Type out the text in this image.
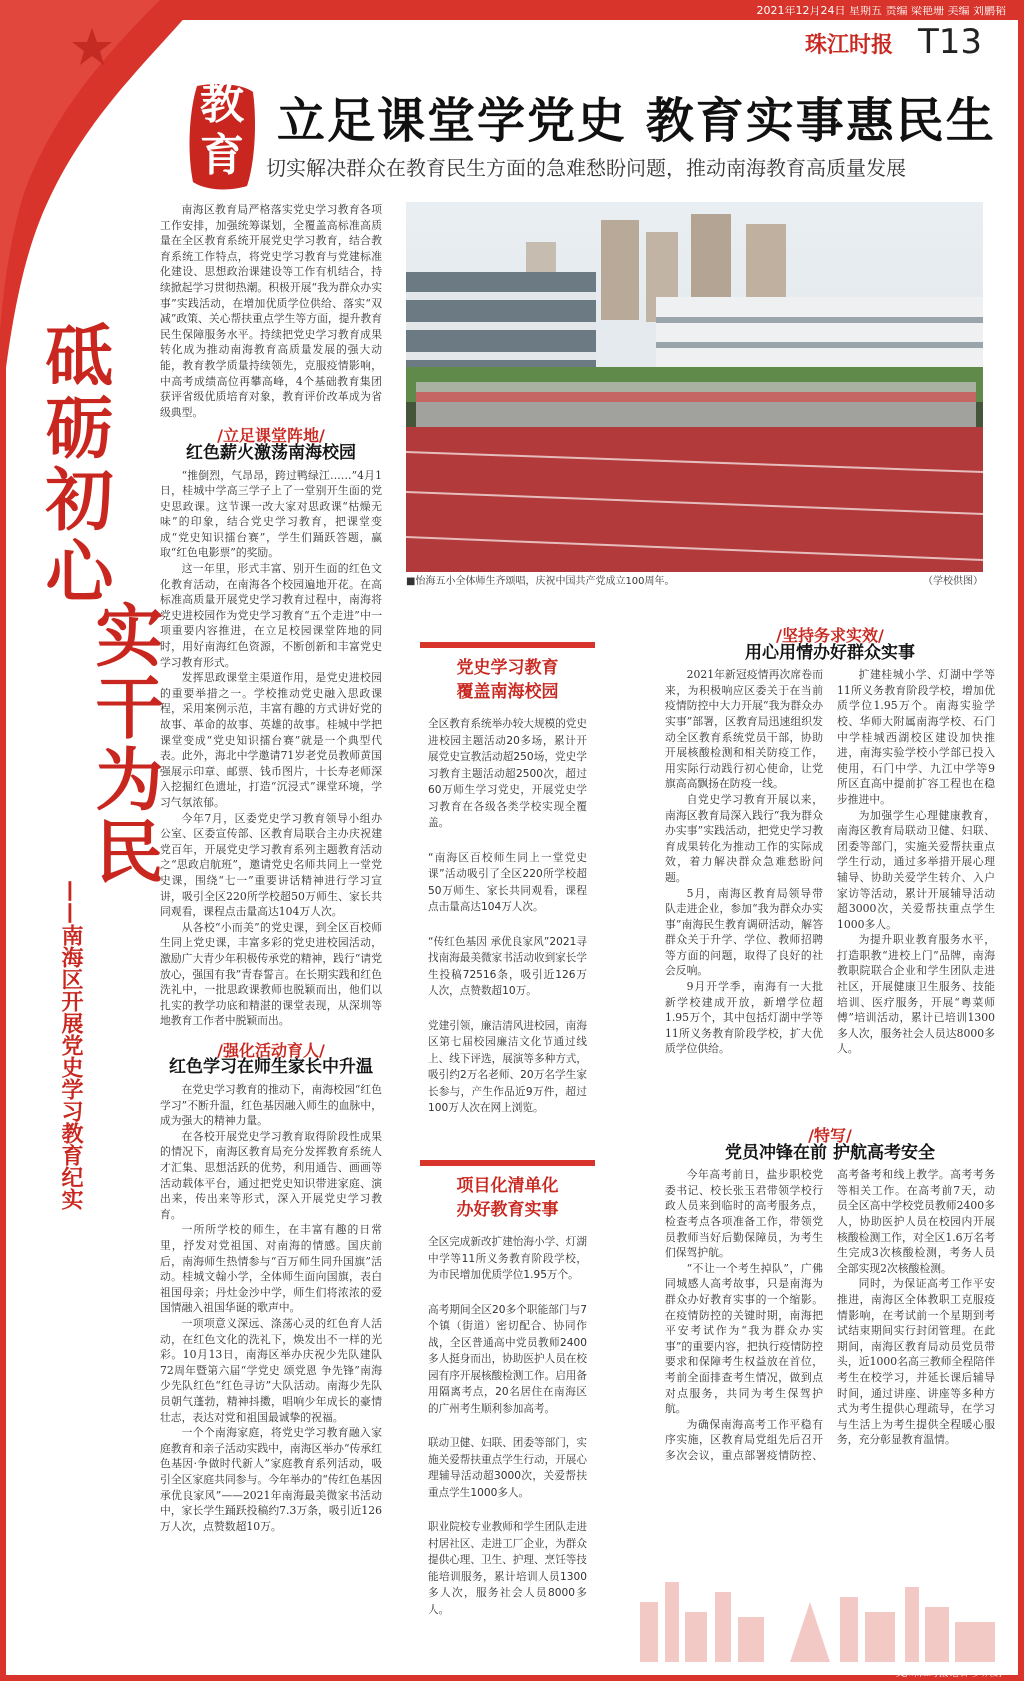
2021年12月24日 星期五 责编 梁艳珊 美编 刘鹏韬
珠江时报 T13
教育
立足课堂学党史 教育实事惠民生
切实解决群众在教育民生方面的急难愁盼问题，推动南海教育高质量发展
砥砺初心
实干为民
——南海区开展党史学习教育纪实

南海区教育局严格落实党史学习教育各项工作安排，加强统筹谋划，全覆盖高标准高质量在全区教育系统开展党史学习教育，结合教育系统工作特点，将党史学习教育与党建标准化建设、思想政治课建设等工作有机结合，持续掀起学习贯彻热潮。积极开展“我为群众办实事”实践活动，在增加优质学位供给、落实“双减”政策、关心帮扶重点学生等方面，提升教育民生保障服务水平。持续把党史学习教育成果转化成为推动南海教育高质量发展的强大动能，教育教学质量持续领先，克服疫情影响，中高考成绩高位再攀高峰，4个基础教育集团获评省级优质培育对象，教育评价改革成为省级典型。

/立足课堂阵地/
红色薪火激荡南海校园

“推倒烈，气昂昂，跨过鸭绿江……”4月1日，桂城中学高三学子上了一堂别开生面的党史思政课。这节课一改大家对思政课“枯燥无味”的印象，结合党史学习教育，把课堂变成“党史知识擂台赛”，学生们踊跃答题，赢取“红色电影票”的奖励。

这一年里，形式丰富、别开生面的红色文化教育活动，在南海各个校园遍地开花。在高标准高质量开展党史学习教育过程中，南海将党史进校园作为党史学习教育“五个走进”中一项重要内容推进，在立足校园课堂阵地的同时，用好南海红色资源，不断创新和丰富党史学习教育形式。

发挥思政课堂主渠道作用，是党史进校园的重要举措之一。学校推动党史融入思政课程，采用案例示范，丰富有趣的方式讲好党的故事、革命的故事、英雄的故事。桂城中学把课堂变成“党史知识擂台赛”就是一个典型代表。此外，海北中学邀请71岁老党员教师黄国强展示印章、邮票、钱币图片，十长寿老师深入挖掘红色遗址，打造“沉浸式”课堂环境，学习气氛浓郁。

今年7月，区委党史学习教育领导小组办公室、区委宣传部、区教育局联合主办庆祝建党百年，开展党史学习教育系列主题教育活动之“思政启航班”，邀请党史名师共同上一堂党史课，围绕“七一”重要讲话精神进行学习宣讲，吸引全区220所学校超50万师生、家长共同观看，课程点击量高达104万人次。

从各校“小而美”的党史课，到全区百校师生同上党史课，丰富多彩的党史进校园活动，激励广大青少年积极传承党的精神，践行“请党放心，强国有我”青春誓言。在长期实践和红色洗礼中，一批思政课教师也脱颖而出，他们以扎实的教学功底和精湛的课堂表现，从深圳等地教育工作者中脱颖而出。

/强化活动育人/
红色学习在师生家长中升温

在党史学习教育的推动下，南海校园“红色学习”不断升温，红色基因融入师生的血脉中，成为强大的精神力量。

在各校开展党史学习教育取得阶段性成果的情况下，南海区教育局充分发挥教育系统人才汇集、思想活跃的优势，利用通告、画画等活动载体平台，通过把党史知识带进家庭、演出来，传出来等形式，深入开展党史学习教育。

一所所学校的师生，在丰富有趣的日常里，抒发对党祖国、对南海的情感。国庆前后，南海师生热情参与“百万师生同升国旗”活动。桂城文翰小学，全体师生面向国旗，表白祖国母亲；丹灶金沙中学，师生们将浓浓的爱国情融入祖国华诞的歌声中。

一项项意义深远、涤荡心灵的红色育人活动，在红色文化的洗礼下，焕发出不一样的光彩。10月13日，南海区举办庆祝少先队建队72周年暨第六届“学党史 颂党恩 争先锋”南海少先队红色“红色寻访”大队活动。南海少先队员朝气蓬勃，精神抖擞，唱响少年成长的豪情壮志，表达对党和祖国最诚挚的祝福。

一个个南海家庭，将党史学习教育融入家庭教育和亲子活动实践中，南海区举办“传承红色基因·争做时代新人”家庭教育系列活动，吸引全区家庭共同参与。今年举办的“传红色基因 承优良家风”——2021年南海最美微家书活动中，家长学生踊跃投稿约7.3万条，吸引近126万人次，点赞数超10万。

■怡海五小全体师生齐颂唱，庆祝中国共产党成立100周年。	（学校供图）
党史学习教育
覆盖南海校园

全区教育系统举办较大规模的党史进校园主题活动20多场，累计开展党史宣教活动超250场，党史学习教育主题活动超2500次，超过60万师生学习党史，开展党史学习教育在各级各类学校实现全覆盖。

“南海区百校师生同上一堂党史课”活动吸引了全区220所学校超50万师生、家长共同观看，课程点击量高达104万人次。

“传红色基因 承优良家风”2021寻找南海最美微家书活动收到家长学生投稿72516条，吸引近126万人次，点赞数超10万。

党建引领，廉洁清风进校园，南海区第七届校园廉洁文化节通过线上、线下评选，展演等多种方式，吸引约2万名老师、20万名学生家长参与，产生作品近9万件，超过100万人次在网上浏览。

项目化清单化
办好教育实事

全区完成新改扩建怡海小学、灯湖中学等11所义务教育阶段学校，为市民增加优质学位1.95万个。

高考期间全区20多个职能部门与7个镇（街道）密切配合、协同作战，全区普通高中党员教师2400多人挺身而出，协助医护人员在校园有序开展核酸检测工作。启用备用隔离考点，20名居住在南海区的广州考生顺利参加高考。

联动卫健、妇联、团委等部门，实施关爱帮扶重点学生行动，开展心理辅导活动超3000次，关爱帮扶重点学生1000多人。

职业院校专业教师和学生团队走进村居社区、走进工厂企业，为群众提供心理、卫生、护理、烹饪等技能培训服务，累计培训人员1300多人次，服务社会人员8000多人。

/坚持务求实效/
用心用情办好群众实事

2021年新冠疫情再次席卷而来，为积极响应区委关于在当前疫情防控中大力开展“我为群众办实事”部署，区教育局迅速组织发动全区教育系统党员干部，协助开展核酸检测和相关防疫工作，用实际行动践行初心使命，让党旗高高飘扬在防疫一线。

自党史学习教育开展以来，南海区教育局深入践行“我为群众办实事”实践活动，把党史学习教育成果转化为推动工作的实际成效，着力解决群众急难愁盼问题。

5月，南海区教育局领导带队走进企业，参加“我为群众办实事”南海民生教育调研活动，解答群众关于升学、学位、教师招聘等方面的问题，取得了良好的社会反响。

9月开学季，南海有一大批新学校建成开放，新增学位超1.95万个，其中包括灯湖中学等11所义务教育阶段学校，扩大优质学位供给。

扩建桂城小学、灯湖中学等11所义务教育阶段学校，增加优质学位1.95万个。南海实验学校、华师大附属南海学校、石门中学桂城西湖校区建设加快推进，南海实验学校小学部已投入使用，石门中学、九江中学等9所区直高中提前扩容工程也在稳步推进中。

为加强学生心理健康教育，南海区教育局联动卫健、妇联、团委等部门，实施关爱帮扶重点学生行动，通过多举措开展心理辅导、协助关爱学生转介、入户家访等活动，累计开展辅导活动超3000次，关爱帮扶重点学生1000多人。

为提升职业教育服务水平，打造职教“进校上门”品牌，南海教职院联合企业和学生团队走进社区，开展健康卫生服务、技能培训、医疗服务，开展“粤菜师傅”培训活动，累计已培训1300多人次，服务社会人员达8000多人。

/特写/
党员冲锋在前 护航高考安全

今年高考前日，盐步职校党委书记、校长张玉君带领学校行政人员来到临时的高考服务点，检查考点各项准备工作，带领党员教师当好后勤保障员，为考生们保驾护航。

“不让一个考生掉队”，广佛同城感人高考故事，只是南海为群众办好教育实事的一个缩影。在疫情防控的关键时期，南海把平安考试作为“我为群众办实事”的重要内容，把执行疫情防控要求和保障考生权益放在首位，考前全面排查考生情况，做到点对点服务，共同为考生保驾护航。

为确保南海高考工作平稳有序实施，区教育局党组先后召开多次会议，重点部署疫情防控、高考备考和线上教学。高考考务等相关工作。在高考前7天，动员全区高中学校党员教师2400多人，协助医护人员在校园内开展核酸检测工作，对全区1.6万名考生完成3次核酸检测，考务人员全部实现2次核酸检测。

同时，为保证高考工作平安推进，南海区全体教职工克服疫情影响，在考试前一个星期到考试结束期间实行封闭管理。在此期间，南海区教育局动员党员带头，近1000名高三教师全程陪伴考生在校学习，并延长课后辅导时间，通过讲座、讲座等多种方式为考生提供心理疏导，在学习与生活上为考生提供全程暖心服务，充分彰显教育温情。

文/珠江时报记者 罗炽娟
